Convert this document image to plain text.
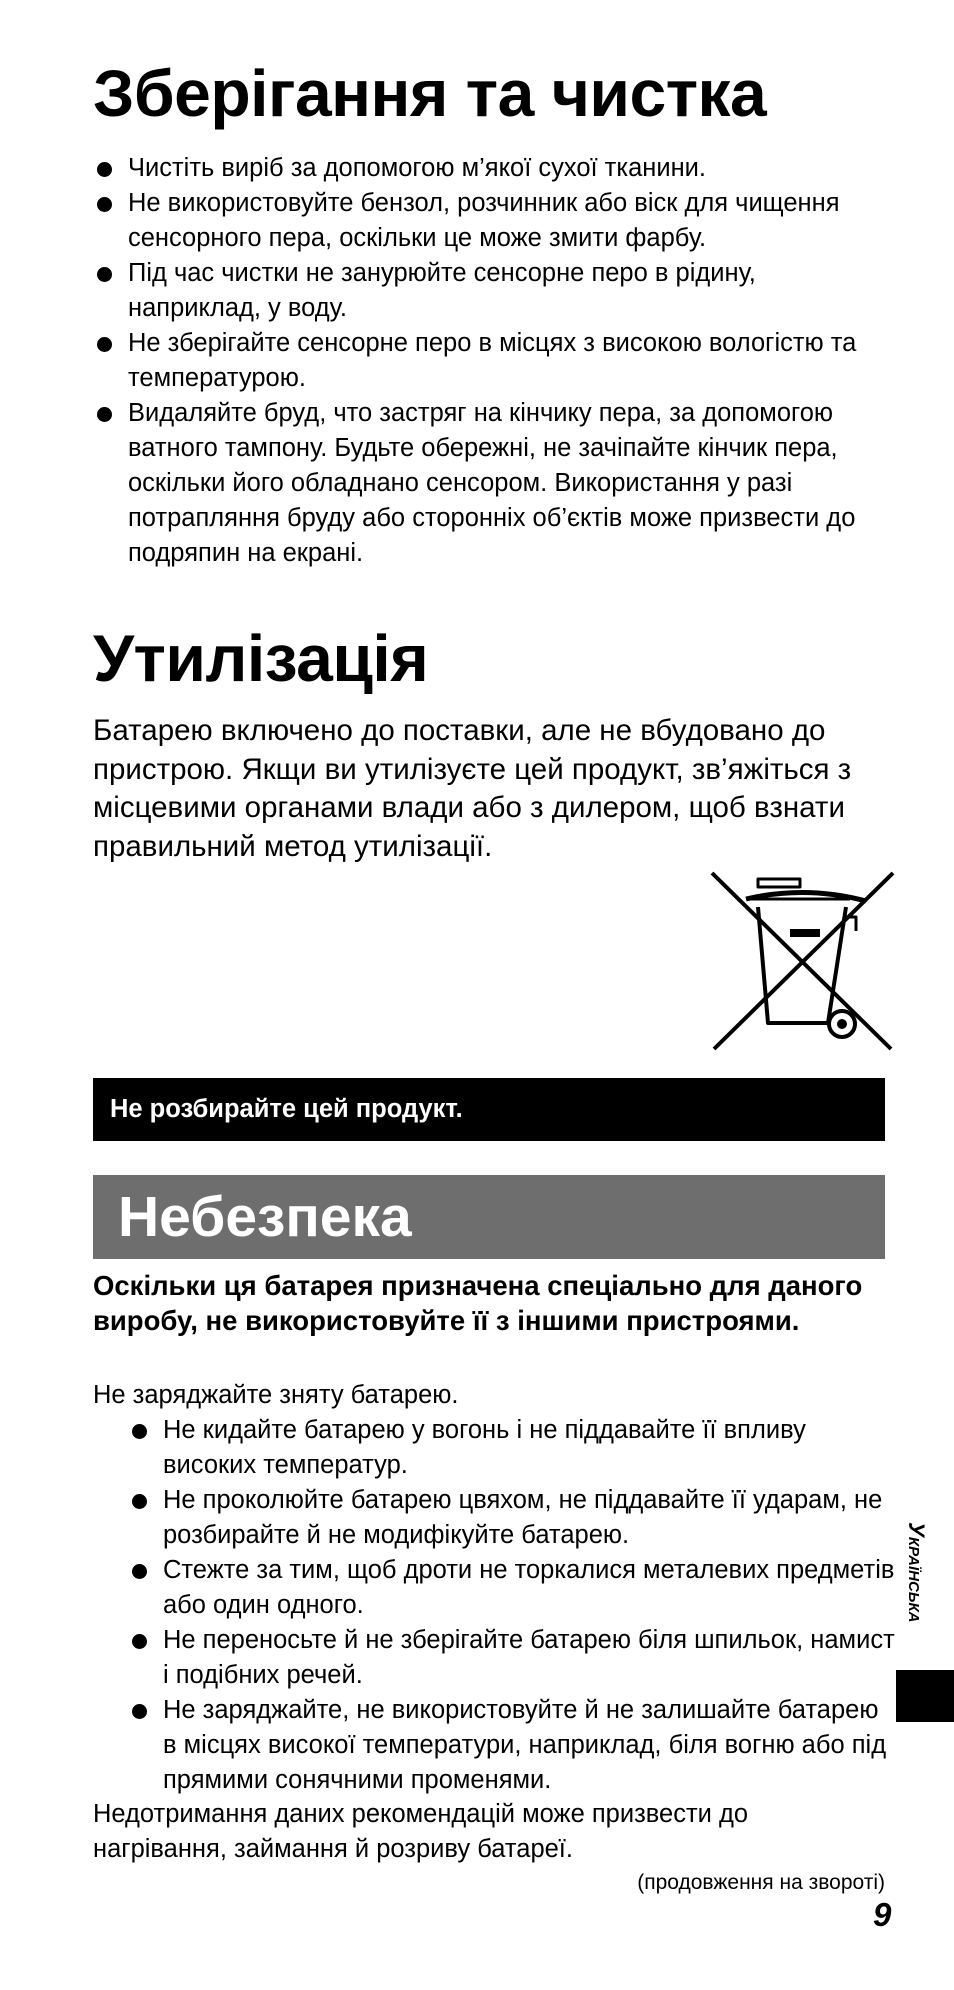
Зберігання та чистка
Чистіть виріб за допомогою м’якої сухої тканини.
Не використовуйте бензол, розчинник або віск для чищення сенсорного пера, оскільки це може змити фарбу.
Під час чистки не занурюйте сенсорне перо в рідину, наприклад, у воду.
Не зберігайте сенсорне перо в місцях з високою вологістю та температурою.
Видаляйте бруд, что застряг на кінчику пера, за допомогою ватного тампону. Будьте обережні, не зачіпайте кінчик пера, оскільки його обладнано сенсором. Використання у разі потрапляння бруду або сторонніх об’єктів може призвести до подряпин на екрані.
Утилізація

Батарею включено до поставки, але не вбудовано до пристрою. Якщи ви утилізуєте цей продукт, зв’яжіться з місцевими органами влади або з дилером, щоб взнати правильний метод утилізації.

Не розбирайте цей продукт.
Небезпека

Оскільки ця батарея призначена спеціально для даного виробу, не використовуйте її з іншими пристроями.

Не заряджайте зняту батарею.

Не кидайте батарею у вогонь і не піддавайте її впливу високих температур.
Не проколюйте батарею цвяхом, не піддавайте її ударам, не розбирайте й не модифікуйте батарею.
Стежте за тим, щоб дроти не торкалися металевих предметів або один одного.
Не переносьте й не зберігайте батарею біля шпильок, намист і подібних речей.
Не заряджайте, не використовуйте й не залишайте батарею в місцях високої температури, наприклад, біля вогню або під прямими сонячними променями.

Недотримання даних рекомендацій може призвести до нагрівання, займання й розриву батареї.

(продовження на звороті)
9
Українська
